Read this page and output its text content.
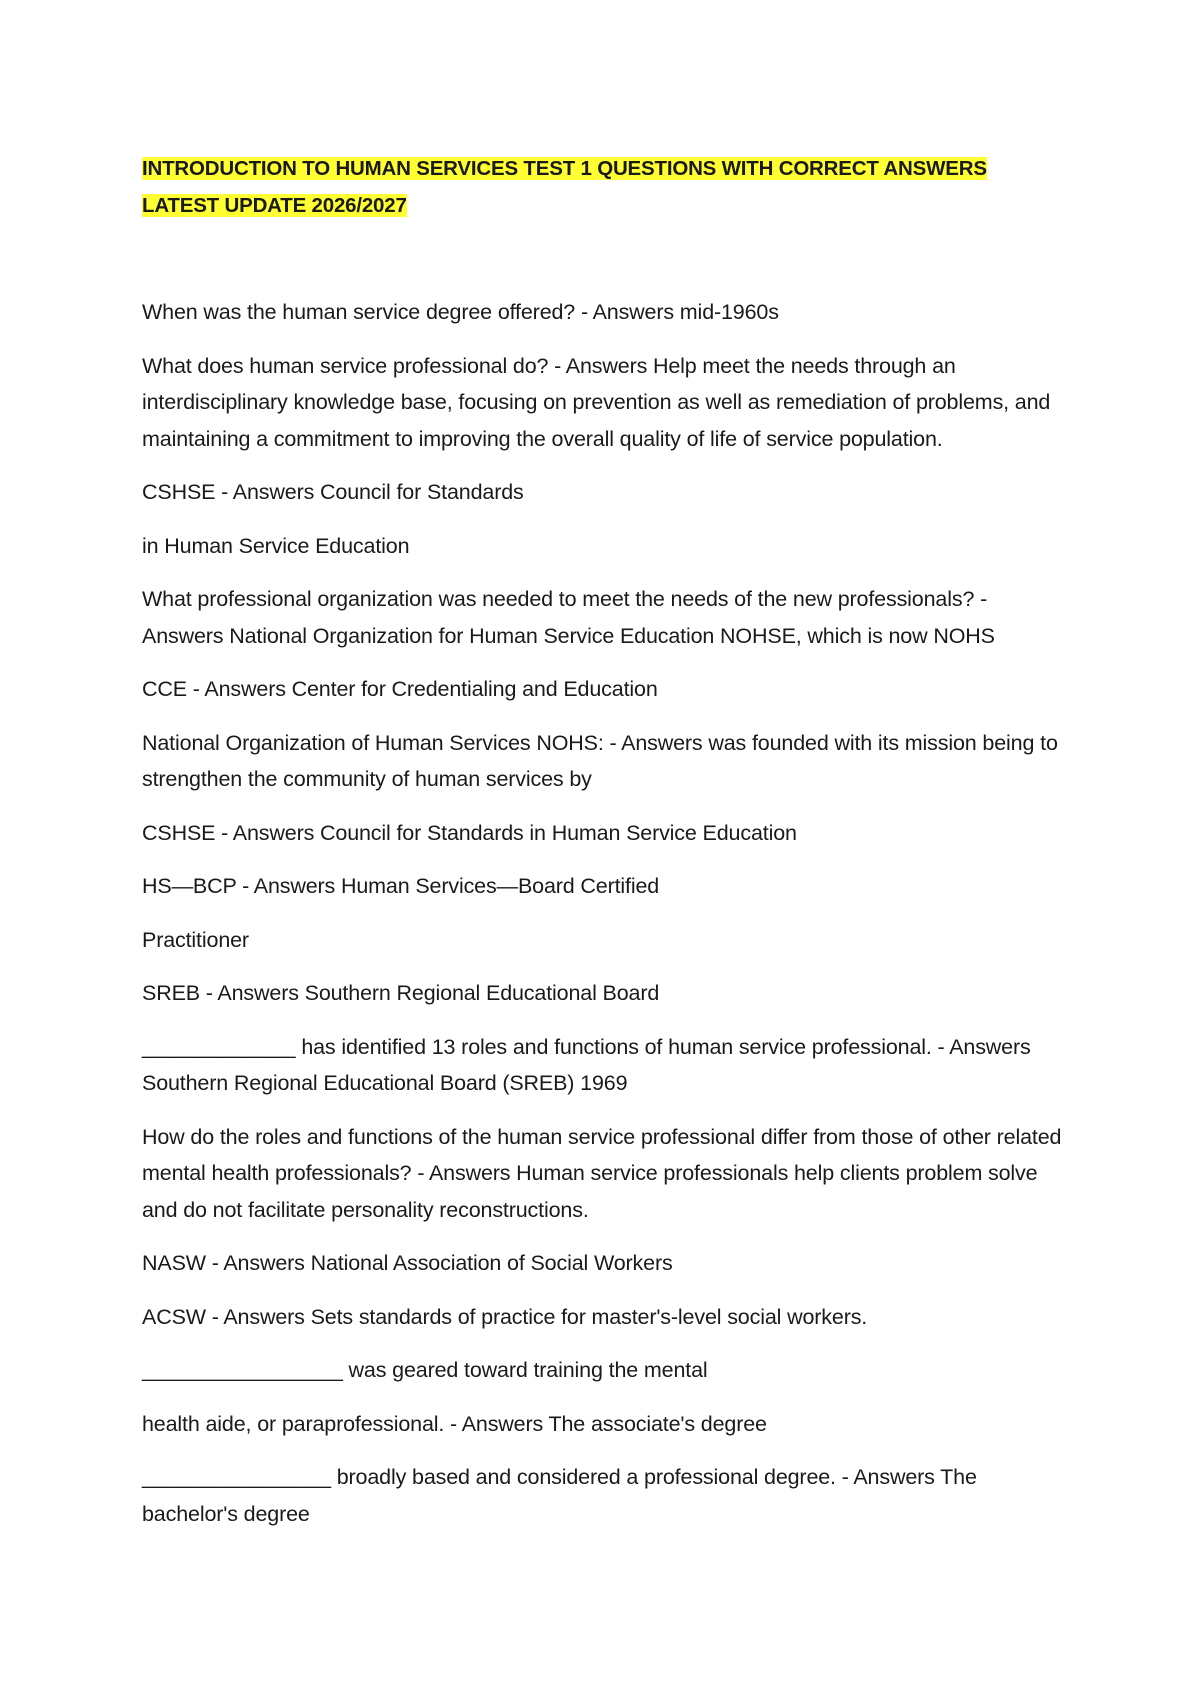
INTRODUCTION TO HUMAN SERVICES TEST 1 QUESTIONS WITH CORRECT ANSWERS LATEST UPDATE 2026/2027

When was the human service degree offered? - Answers mid-1960s

What does human service professional do? - Answers Help meet the needs through an interdisciplinary knowledge base, focusing on prevention as well as remediation of problems, and maintaining a commitment to improving the overall quality of life of service population.

CSHSE - Answers Council for Standards

in Human Service Education

What professional organization was needed to meet the needs of the new professionals? - Answers National Organization for Human Service Education NOHSE, which is now NOHS

CCE - Answers Center for Credentialing and Education

National Organization of Human Services NOHS: - Answers was founded with its mission being to strengthen the community of human services by

CSHSE - Answers Council for Standards in Human Service Education

HS—BCP - Answers Human Services—Board Certified

Practitioner

SREB - Answers Southern Regional Educational Board

_____________ has identified 13 roles and functions of human service professional. - Answers Southern Regional Educational Board (SREB) 1969

How do the roles and functions of the human service professional differ from those of other related mental health professionals? - Answers Human service professionals help clients problem solve and do not facilitate personality reconstructions.

NASW - Answers National Association of Social Workers

ACSW - Answers Sets standards of practice for master's-level social workers.

_________________ was geared toward training the mental

health aide, or paraprofessional. - Answers The associate's degree

________________ broadly based and considered a professional degree. - Answers The bachelor's degree
